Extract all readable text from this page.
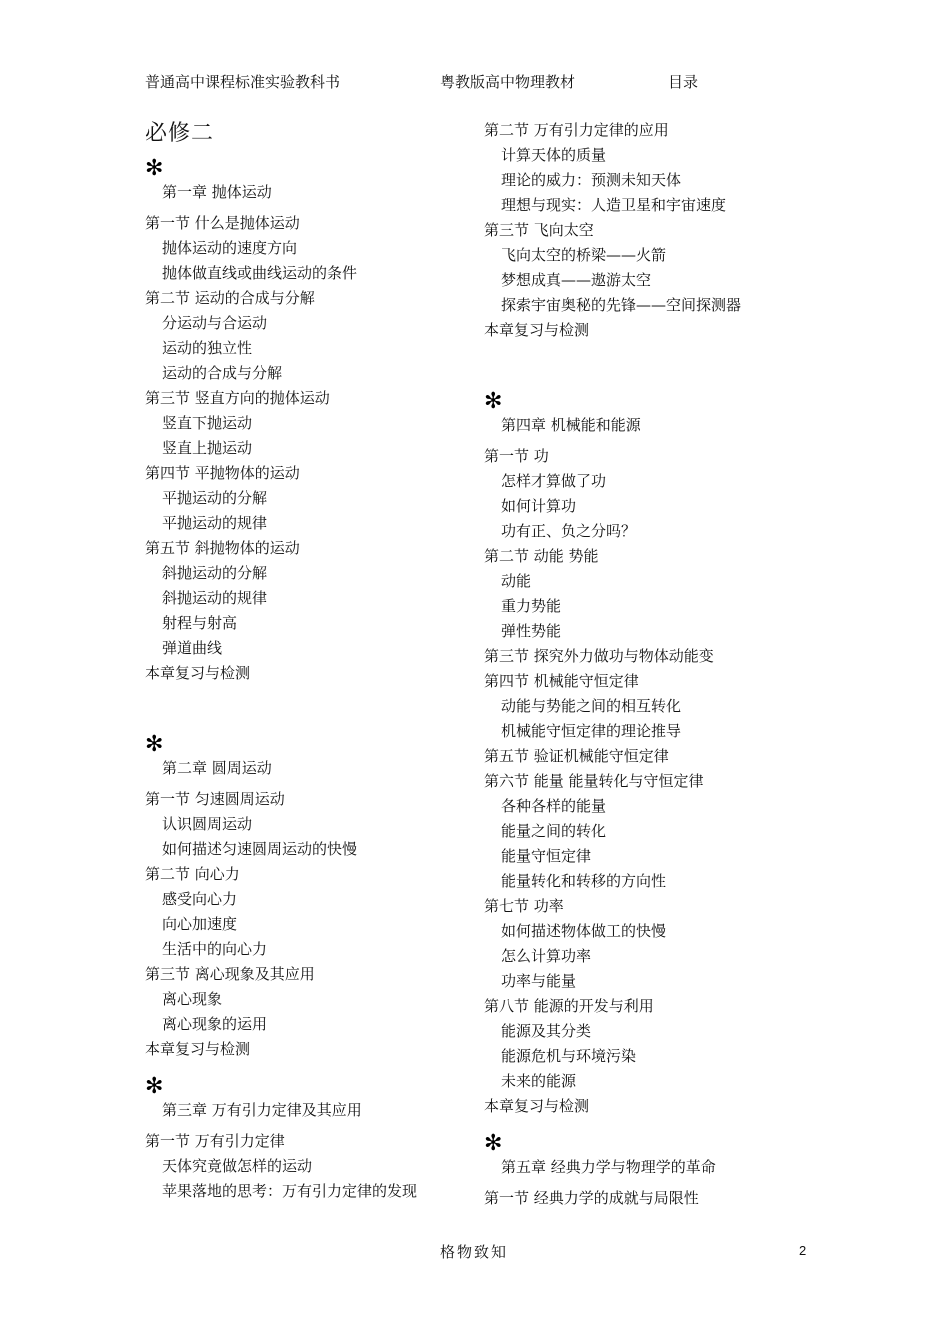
普通高中课程标准实验教科书	粤教版高中物理教材	目录
必修二
✻
第一章 抛体运动
第一节 什么是抛体运动
抛体运动的速度方向
抛体做直线或曲线运动的条件
第二节 运动的合成与分解
分运动与合运动
运动的独立性
运动的合成与分解
第三节 竖直方向的抛体运动
竖直下抛运动
竖直上抛运动
第四节 平抛物体的运动
平抛运动的分解
平抛运动的规律
第五节 斜抛物体的运动
斜抛运动的分解
斜抛运动的规律
射程与射高
弹道曲线
本章复习与检测
✻
第二章 圆周运动
第一节 匀速圆周运动
认识圆周运动
如何描述匀速圆周运动的快慢
第二节 向心力
感受向心力
向心加速度
生活中的向心力
第三节 离心现象及其应用
离心现象
离心现象的运用
本章复习与检测
✻
第三章 万有引力定律及其应用
第一节 万有引力定律
天体究竟做怎样的运动
苹果落地的思考：万有引力定律的发现
第二节 万有引力定律的应用
计算天体的质量
理论的威力：预测未知天体
理想与现实：人造卫星和宇宙速度
第三节 飞向太空
飞向太空的桥梁——火箭
梦想成真——遨游太空
探索宇宙奥秘的先锋——空间探测器
本章复习与检测
✻
第四章 机械能和能源
第一节 功
怎样才算做了功
如何计算功
功有正、负之分吗？
第二节 动能 势能
动能
重力势能
弹性势能
第三节 探究外力做功与物体动能变
第四节 机械能守恒定律
动能与势能之间的相互转化
机械能守恒定律的理论推导
第五节 验证机械能守恒定律
第六节 能量 能量转化与守恒定律
各种各样的能量
能量之间的转化
能量守恒定律
能量转化和转移的方向性
第七节 功率
如何描述物体做工的快慢
怎么计算功率
功率与能量
第八节 能源的开发与利用
能源及其分类
能源危机与环境污染
未来的能源
本章复习与检测
✻
第五章 经典力学与物理学的革命
第一节 经典力学的成就与局限性
格物致知	2
